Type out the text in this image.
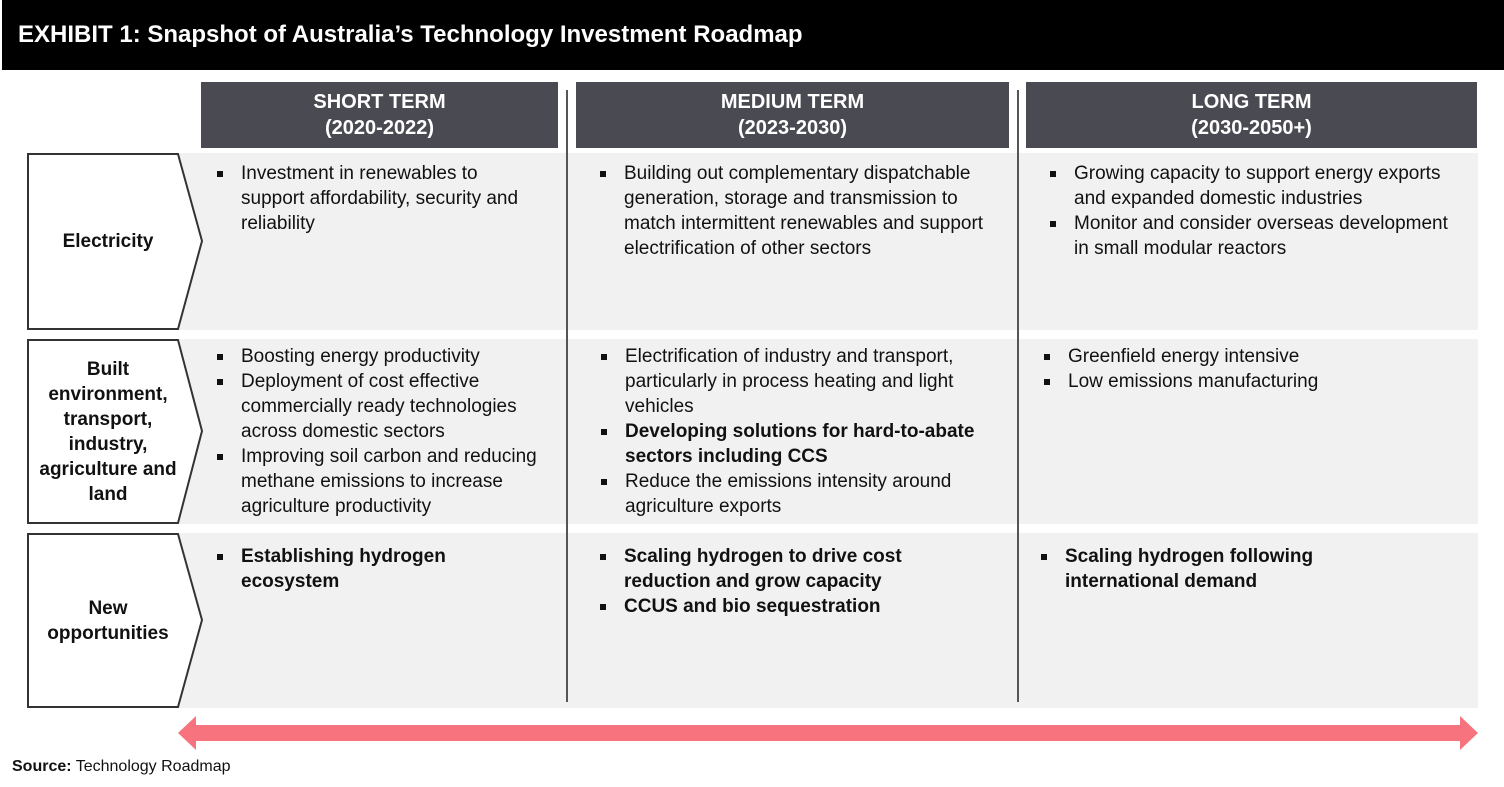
EXHIBIT 1: Snapshot of Australia’s Technology Investment Roadmap
SHORT TERM
(2020-2022)
MEDIUM TERM
(2023-2030)
LONG TERM
(2030-2050+)
Electricity
Built environment, transport, industry, agriculture and land
New opportunities
Investment in renewables to support affordability, security and reliability
Building out complementary dispatchable generation, storage and transmission to match intermittent renewables and support electrification of other sectors
Growing capacity to support energy exports and expanded domestic industries
Monitor and consider overseas development in small modular reactors
Boosting energy productivity
Deployment of cost effective commercially ready technologies across domestic sectors
Improving soil carbon and reducing methane emissions to increase agriculture productivity
Electrification of industry and transport, particularly in process heating and light vehicles
Developing solutions for hard-to-abate sectors including CCS
Reduce the emissions intensity around agriculture exports
Greenfield energy intensive
Low emissions manufacturing
Establishing hydrogen ecosystem
Scaling hydrogen to drive cost reduction and grow capacity
CCUS and bio sequestration
Scaling hydrogen following international demand
Source: Technology Roadmap
